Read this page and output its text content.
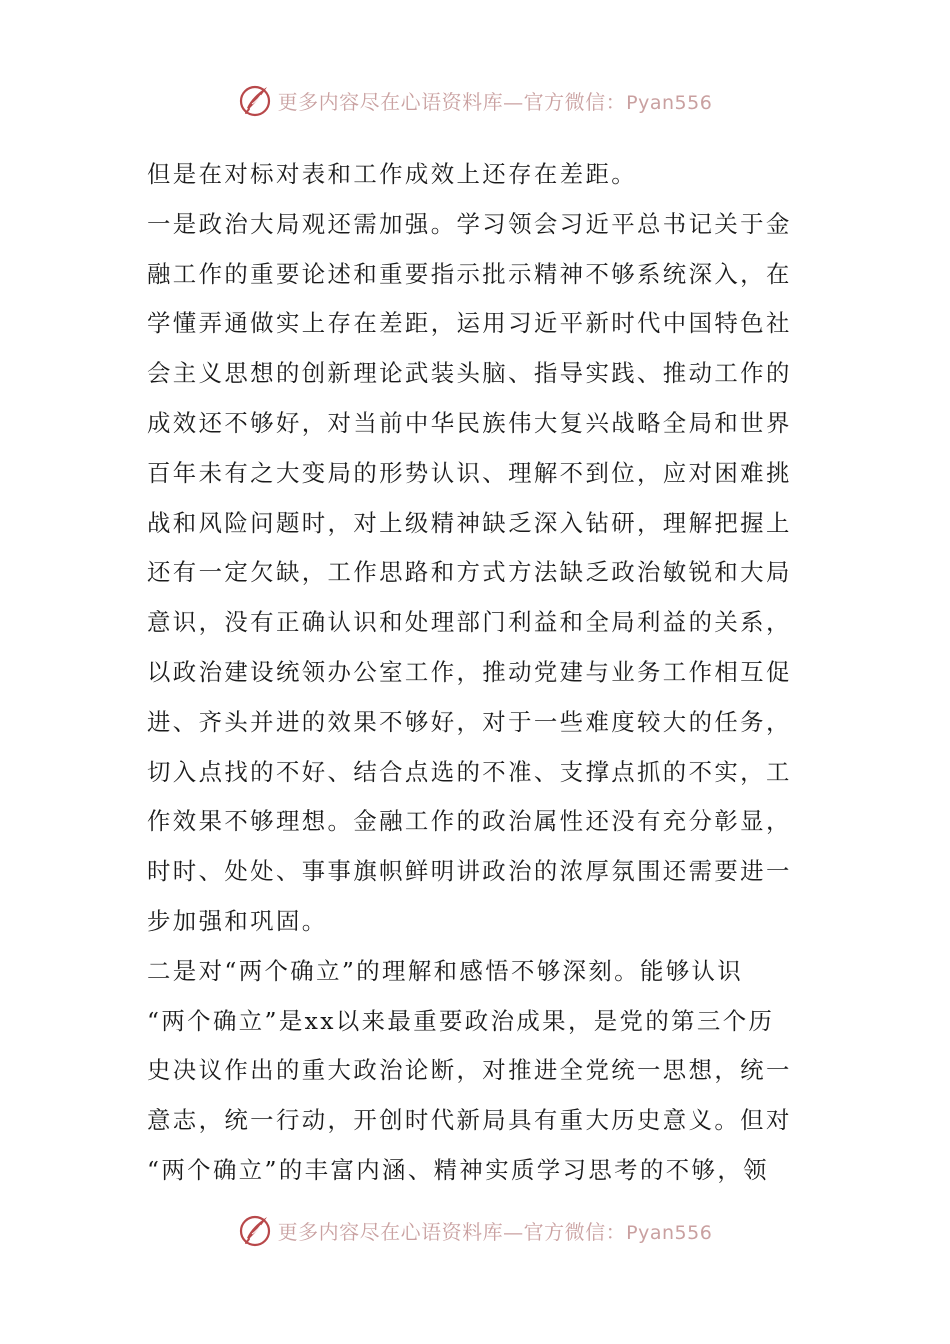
更多内容尽在心语资料库—官方微信：Pyan556
但是在对标对表和工作成效上还存在差距。
一是政治大局观还需加强。学习领会习近平总书记关于金
融工作的重要论述和重要指示批示精神不够系统深入，在
学懂弄通做实上存在差距，运用习近平新时代中国特色社
会主义思想的创新理论武装头脑、指导实践、推动工作的
成效还不够好，对当前中华民族伟大复兴战略全局和世界
百年未有之大变局的形势认识、理解不到位，应对困难挑
战和风险问题时，对上级精神缺乏深入钻研，理解把握上
还有一定欠缺，工作思路和方式方法缺乏政治敏锐和大局
意识，没有正确认识和处理部门利益和全局利益的关系，
以政治建设统领办公室工作，推动党建与业务工作相互促
进、齐头并进的效果不够好，对于一些难度较大的任务，
切入点找的不好、结合点选的不准、支撑点抓的不实，工
作效果不够理想。金融工作的政治属性还没有充分彰显，
时时、处处、事事旗帜鲜明讲政治的浓厚氛围还需要进一
步加强和巩固。
二是对“两个确立”的理解和感悟不够深刻。能够认识
“两个确立”是xx以来最重要政治成果，是党的第三个历
史决议作出的重大政治论断，对推进全党统一思想，统一
意志，统一行动，开创时代新局具有重大历史意义。但对
“两个确立”的丰富内涵、精神实质学习思考的不够，领
更多内容尽在心语资料库—官方微信：Pyan556
